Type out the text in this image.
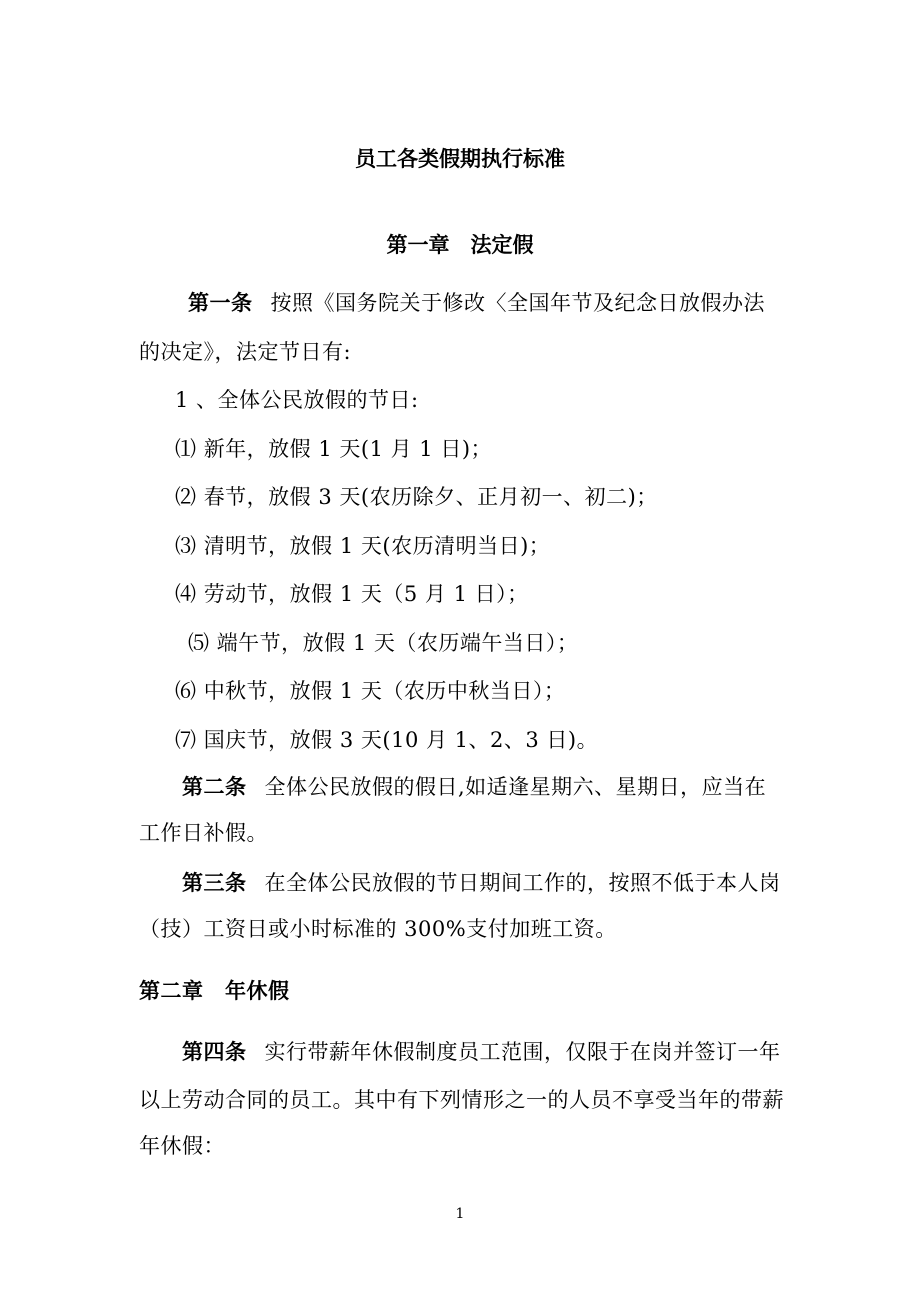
员工各类假期执行标准
第一章　法定假
第一条 按照《国务院关于修改〈全国年节及纪念日放假办法
的决定》，法定节日有:
1 、全体公民放假的节日:
⑴ 新年，放假 1 天(1 月 1 日)；
⑵ 春节，放假 3 天(农历除夕、正月初一、初二)；
⑶ 清明节，放假 1 天(农历清明当日)；
⑷ 劳动节，放假 1 天（5 月 1 日）；
⑸ 端午节，放假 1 天（农历端午当日）；
⑹ 中秋节，放假 1 天（农历中秋当日）；
⑺ 国庆节，放假 3 天(10 月 1、2、3 日)。
第二条 全体公民放假的假日,如适逢星期六、星期日，应当在
工作日补假。
第三条 在全体公民放假的节日期间工作的，按照不低于本人岗
（技）工资日或小时标准的 300%支付加班工资。
第二章　年休假
第四条 实行带薪年休假制度员工范围，仅限于在岗并签订一年
以上劳动合同的员工。其中有下列情形之一的人员不享受当年的带薪
年休假：
1
